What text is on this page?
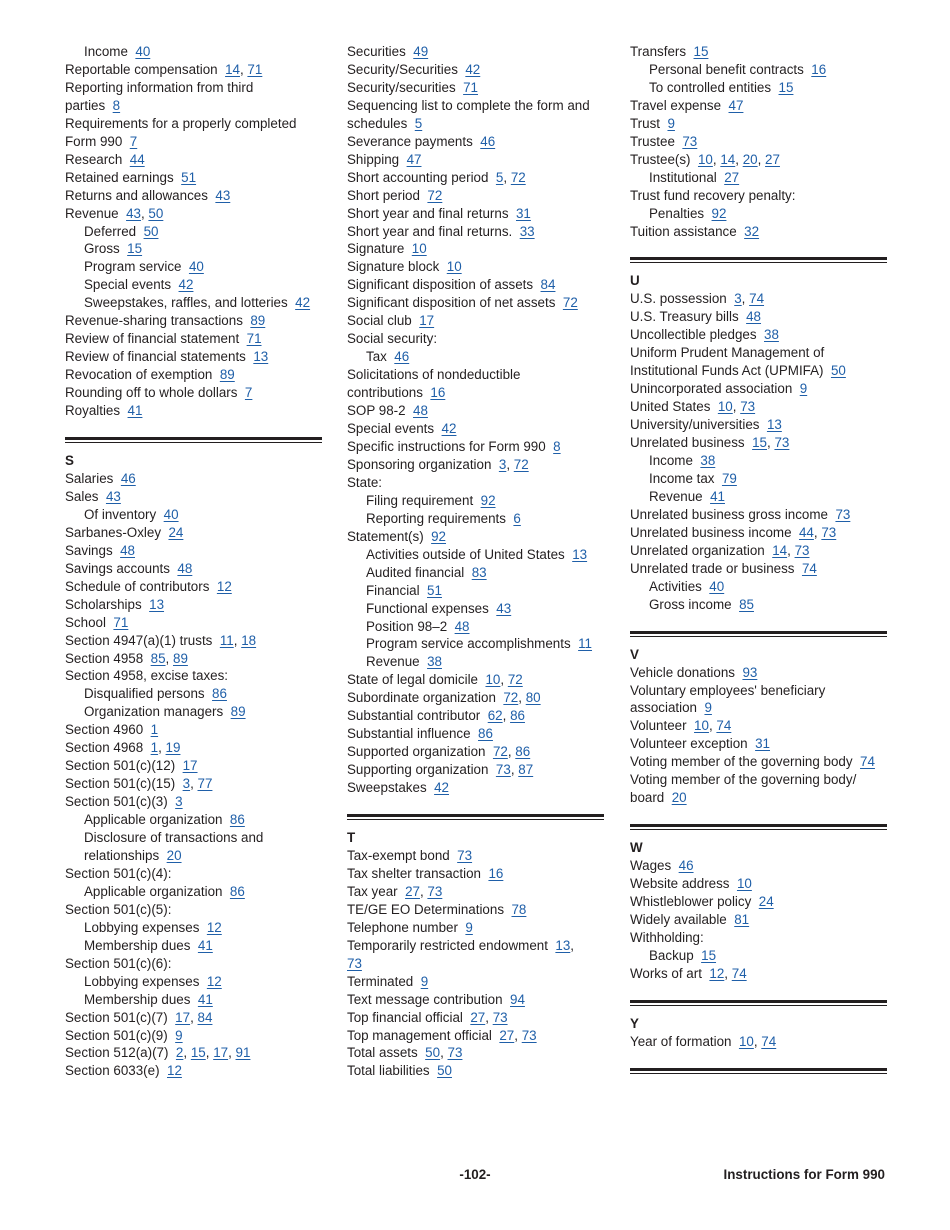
Income 40
Reportable compensation 14, 71
Reporting information from third
parties 8
Requirements for a properly completed
Form 990 7
Research 44
Retained earnings 51
Returns and allowances 43
Revenue 43, 50
Deferred 50
Gross 15
Program service 40
Special events 42
Sweepstakes, raffles, and lotteries 42
Revenue-sharing transactions 89
Review of financial statement 71
Review of financial statements 13
Revocation of exemption 89
Rounding off to whole dollars 7
Royalties 41
S
Salaries 46
Sales 43
Of inventory 40
Sarbanes-Oxley 24
Savings 48
Savings accounts 48
Schedule of contributors 12
Scholarships 13
School 71
Section 4947(a)(1) trusts 11, 18
Section 4958 85, 89
Section 4958, excise taxes:
Disqualified persons 86
Organization managers 89
Section 4960 1
Section 4968 1, 19
Section 501(c)(12) 17
Section 501(c)(15) 3, 77
Section 501(c)(3) 3
Applicable organization 86
Disclosure of transactions and
relationships 20
Section 501(c)(4):
Applicable organization 86
Section 501(c)(5):
Lobbying expenses 12
Membership dues 41
Section 501(c)(6):
Lobbying expenses 12
Membership dues 41
Section 501(c)(7) 17, 84
Section 501(c)(9) 9
Section 512(a)(7) 2, 15, 17, 91
Section 6033(e) 12
Securities 49
Security/Securities 42
Security/securities 71
Sequencing list to complete the form and
schedules 5
Severance payments 46
Shipping 47
Short accounting period 5, 72
Short period 72
Short year and final returns 31
Short year and final returns. 33
Signature 10
Signature block 10
Significant disposition of assets 84
Significant disposition of net assets 72
Social club 17
Social security:
Tax 46
Solicitations of nondeductible
contributions 16
SOP 98-2 48
Special events 42
Specific instructions for Form 990 8
Sponsoring organization 3, 72
State:
Filing requirement 92
Reporting requirements 6
Statement(s) 92
Activities outside of United States 13
Audited financial 83
Financial 51
Functional expenses 43
Position 98–2 48
Program service accomplishments 11
Revenue 38
State of legal domicile 10, 72
Subordinate organization 72, 80
Substantial contributor 62, 86
Substantial influence 86
Supported organization 72, 86
Supporting organization 73, 87
Sweepstakes 42
T
Tax-exempt bond 73
Tax shelter transaction 16
Tax year 27, 73
TE/GE EO Determinations 78
Telephone number 9
Temporarily restricted endowment 13,
73
Terminated 9
Text message contribution 94
Top financial official 27, 73
Top management official 27, 73
Total assets 50, 73
Total liabilities 50
Transfers 15
Personal benefit contracts 16
To controlled entities 15
Travel expense 47
Trust 9
Trustee 73
Trustee(s) 10, 14, 20, 27
Institutional 27
Trust fund recovery penalty:
Penalties 92
Tuition assistance 32
U
U.S. possession 3, 74
U.S. Treasury bills 48
Uncollectible pledges 38
Uniform Prudent Management of
Institutional Funds Act (UPMIFA) 50
Unincorporated association 9
United States 10, 73
University/universities 13
Unrelated business 15, 73
Income 38
Income tax 79
Revenue 41
Unrelated business gross income 73
Unrelated business income 44, 73
Unrelated organization 14, 73
Unrelated trade or business 74
Activities 40
Gross income 85
V
Vehicle donations 93
Voluntary employees' beneficiary
association 9
Volunteer 10, 74
Volunteer exception 31
Voting member of the governing body 74
Voting member of the governing body/
board 20
W
Wages 46
Website address 10
Whistleblower policy 24
Widely available 81
Withholding:
Backup 15
Works of art 12, 74
Y
Year of formation 10, 74
-102-	Instructions for Form 990
